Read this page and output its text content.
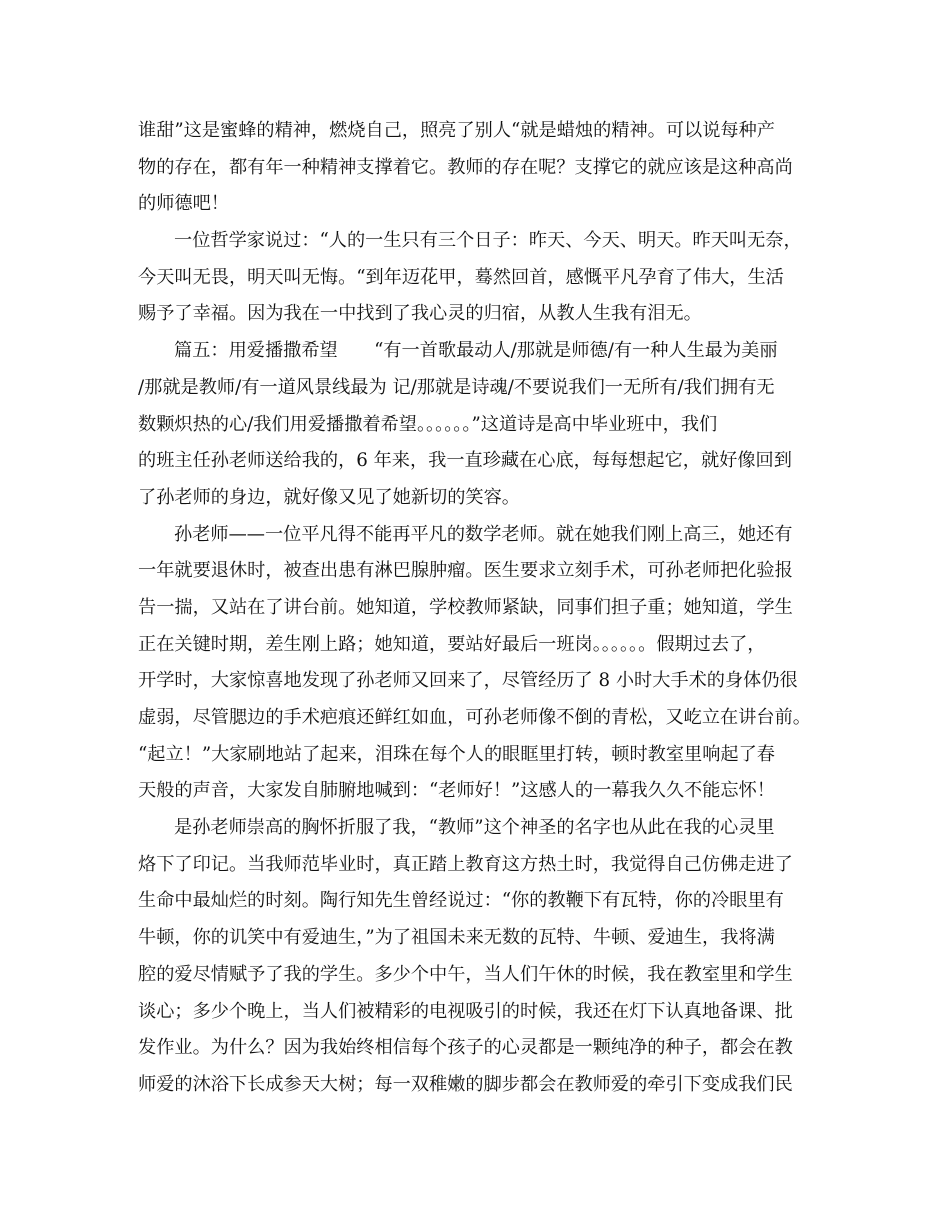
谁甜”这是蜜蜂的精神，燃烧自己，照亮了别人“就是蜡烛的精神。可以说每种产
物的存在，都有年一种精神支撑着它。教师的存在呢？支撑它的就应该是这种高尚
的师德吧！
一位哲学家说过：“人的一生只有三个日子：昨天、今天、明天。昨天叫无奈，
今天叫无畏，明天叫无悔。“到年迈花甲，蓦然回首，感慨平凡孕育了伟大，生活
赐予了幸福。因为我在一中找到了我心灵的归宿，从教人生我有泪无。
篇五：用爱播撒希望　　“有一首歌最动人/那就是师德/有一种人生最为美丽
/那就是教师/有一道风景线最为 记/那就是诗魂/不要说我们一无所有/我们拥有无
数颗炽热的心/我们用爱播撒着希望。。。。。。”这道诗是高中毕业班中，我们
的班主任孙老师送给我的，6 年来，我一直珍藏在心底，每每想起它，就好像回到
了孙老师的身边，就好像又见了她新切的笑容。
孙老师——一位平凡得不能再平凡的数学老师。就在她我们刚上高三，她还有
一年就要退休时，被查出患有淋巴腺肿瘤。医生要求立刻手术，可孙老师把化验报
告一揣，又站在了讲台前。她知道，学校教师紧缺，同事们担子重；她知道，学生
正在关键时期，差生刚上路；她知道，要站好最后一班岗。。。。。。假期过去了，
开学时，大家惊喜地发现了孙老师又回来了，尽管经历了 8 小时大手术的身体仍很
虚弱，尽管腮边的手术疤痕还鲜红如血，可孙老师像不倒的青松，又屹立在讲台前。
“起立！”大家刷地站了起来，泪珠在每个人的眼眶里打转，顿时教室里响起了春
天般的声音，大家发自肺腑地喊到：“老师好！”这感人的一幕我久久不能忘怀！
是孙老师崇高的胸怀折服了我，“教师”这个神圣的名字也从此在我的心灵里
烙下了印记。当我师范毕业时，真正踏上教育这方热土时，我觉得自己仿佛走进了
生命中最灿烂的时刻。陶行知先生曾经说过：“你的教鞭下有瓦特，你的冷眼里有
牛顿，你的讥笑中有爱迪生，”为了祖国未来无数的瓦特、牛顿、爱迪生，我将满
腔的爱尽情赋予了我的学生。多少个中午，当人们午休的时候，我在教室里和学生
谈心；多少个晚上，当人们被精彩的电视吸引的时候，我还在灯下认真地备课、批
发作业。为什么？因为我始终相信每个孩子的心灵都是一颗纯净的种子，都会在教
师爱的沐浴下长成参天大树；每一双稚嫩的脚步都会在教师爱的牵引下变成我们民
